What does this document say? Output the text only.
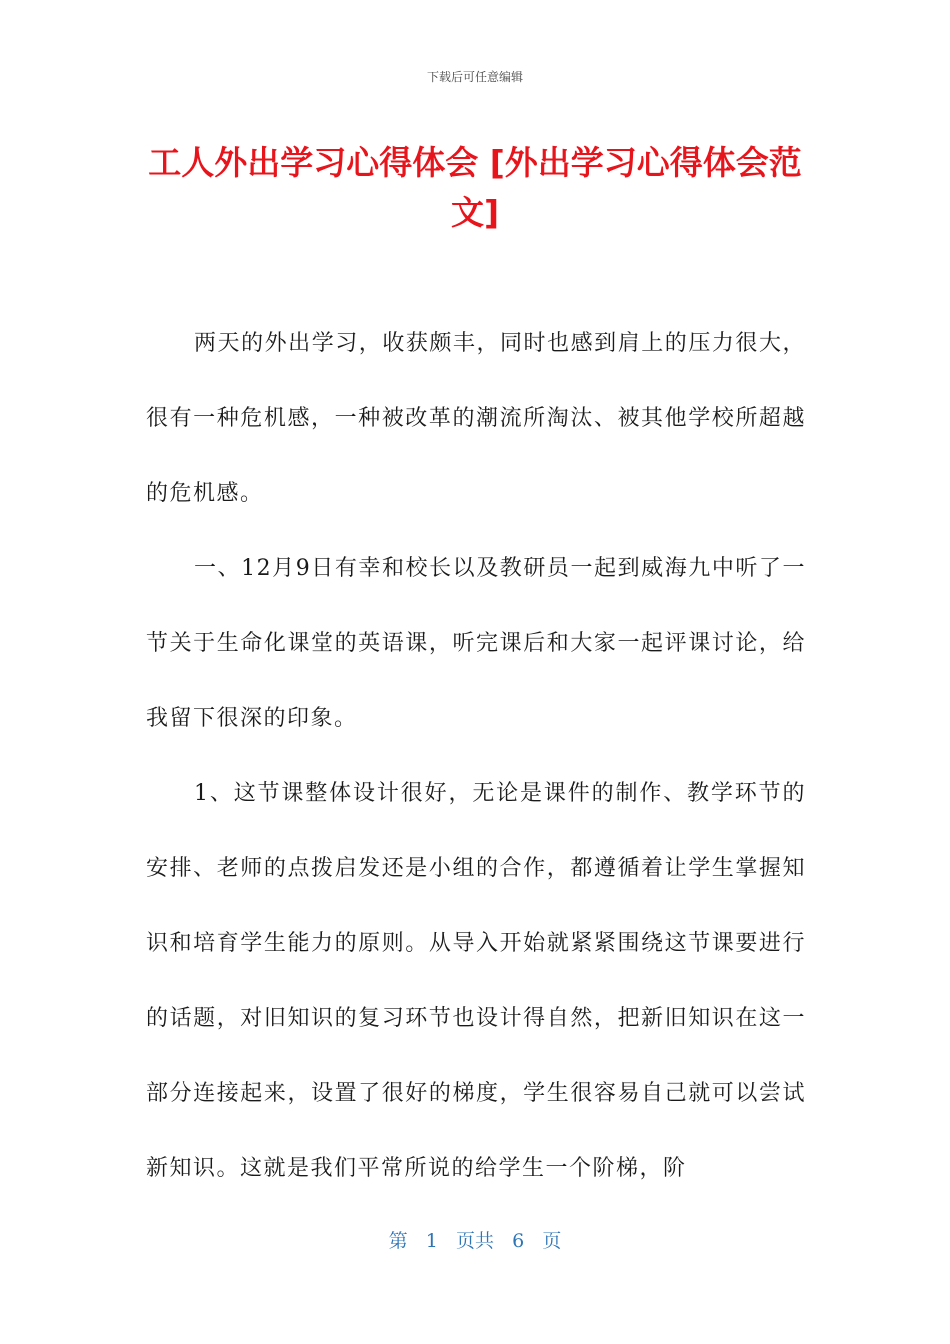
下载后可任意编辑
工人外出学习心得体会 [外出学习心得体会范文]

两天的外出学习，收获颇丰，同时也感到肩上的压力很大，很有一种危机感，一种被改革的潮流所淘汰、被其他学校所超越的危机感。

一、12月9日有幸和校长以及教研员一起到威海九中听了一节关于生命化课堂的英语课，听完课后和大家一起评课讨论，给我留下很深的印象。

1、这节课整体设计很好，无论是课件的制作、教学环节的安排、老师的点拨启发还是小组的合作，都遵循着让学生掌握知识和培育学生能力的原则。从导入开始就紧紧围绕这节课要进行的话题，对旧知识的复习环节也设计得自然，把新旧知识在这一部分连接起来，设置了很好的梯度，学生很容易自己就可以尝试新知识。这就是我们平常所说的给学生一个阶梯，阶

第 1 页共 6 页
